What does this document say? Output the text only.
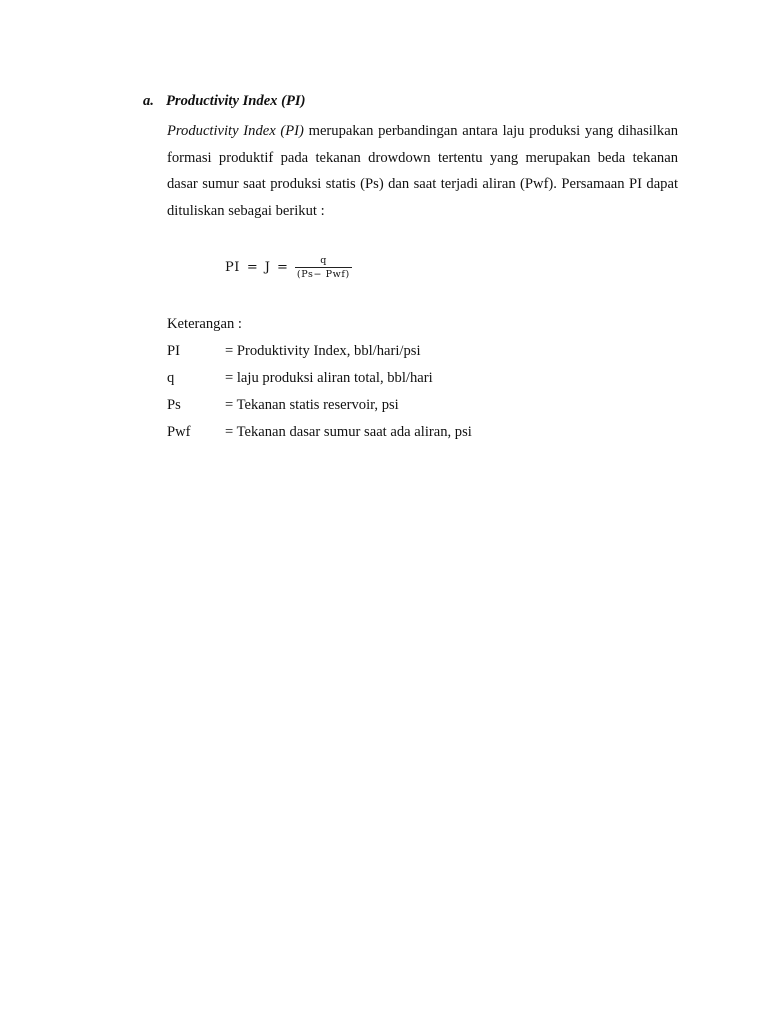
a. Productivity Index (PI)
Productivity Index (PI) merupakan perbandingan antara laju produksi yang dihasilkan formasi produktif pada tekanan drowdown tertentu yang merupakan beda tekanan dasar sumur saat produksi statis (Ps) dan saat terjadi aliran (Pwf). Persamaan PI dapat dituliskan sebagai berikut :
PI = $J = \frac{q}{\text{(Ps− Pwf)}}$
Keterangan :
PI	= Produktivity Index, bbl/hari/psi
q	= laju produksi aliran total, bbl/hari
Ps	= Tekanan statis reservoir, psi
Pwf = Tekanan dasar sumur saat ada aliran, psi
